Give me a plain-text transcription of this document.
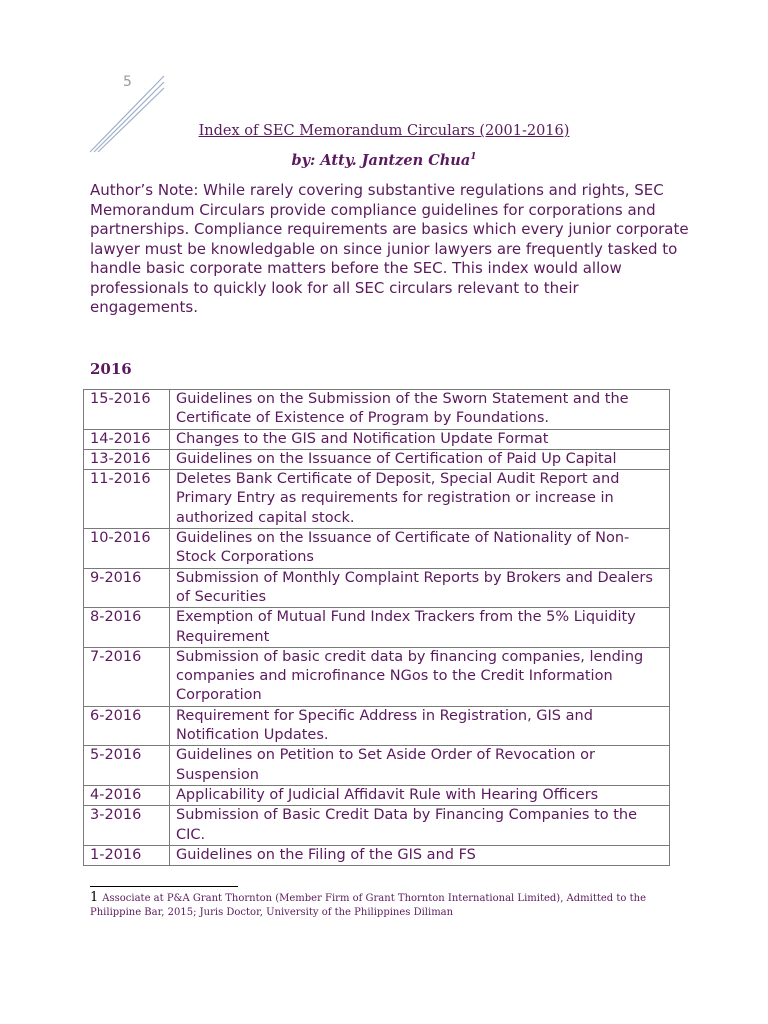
5
Index of SEC Memorandum Circulars (2001-2016)
by: Atty. Jantzen Chua$^1$

Author’s Note: While rarely covering substantive regulations and rights, SEC Memorandum Circulars provide compliance guidelines for corporations and partnerships. Compliance requirements are basics which every junior corporate lawyer must be knowledgable on since junior lawyers are frequently tasked to handle basic corporate matters before the SEC. This index would allow professionals to quickly look for all SEC circulars relevant to their engagements.

2016
15-2016	Guidelines on the Submission of the Sworn Statement and the Certificate of Existence of Program by Foundations.
14-2016	Changes to the GIS and Notification Update Format
13-2016	Guidelines on the Issuance of Certification of Paid Up Capital
11-2016	Deletes Bank Certificate of Deposit, Special Audit Report and Primary Entry as requirements for registration or increase in authorized capital stock.
10-2016	Guidelines on the Issuance of Certificate of Nationality of Non-Stock Corporations
9-2016	Submission of Monthly Complaint Reports by Brokers and Dealers of Securities
8-2016	Exemption of Mutual Fund Index Trackers from the 5% Liquidity Requirement
7-2016	Submission of basic credit data by financing companies, lending companies and microfinance NGos to the Credit Information Corporation
6-2016	Requirement for Specific Address in Registration, GIS and Notification Updates.
5-2016	Guidelines on Petition to Set Aside Order of Revocation or Suspension
4-2016	Applicability of Judicial Affidavit Rule with Hearing Officers
3-2016	Submission of Basic Credit Data by Financing Companies to the CIC.
1-2016	Guidelines on the Filing of the GIS and FS
1 Associate at P&A Grant Thornton (Member Firm of Grant Thornton International Limited), Admitted to the Philippine Bar, 2015; Juris Doctor, University of the Philippines Diliman
